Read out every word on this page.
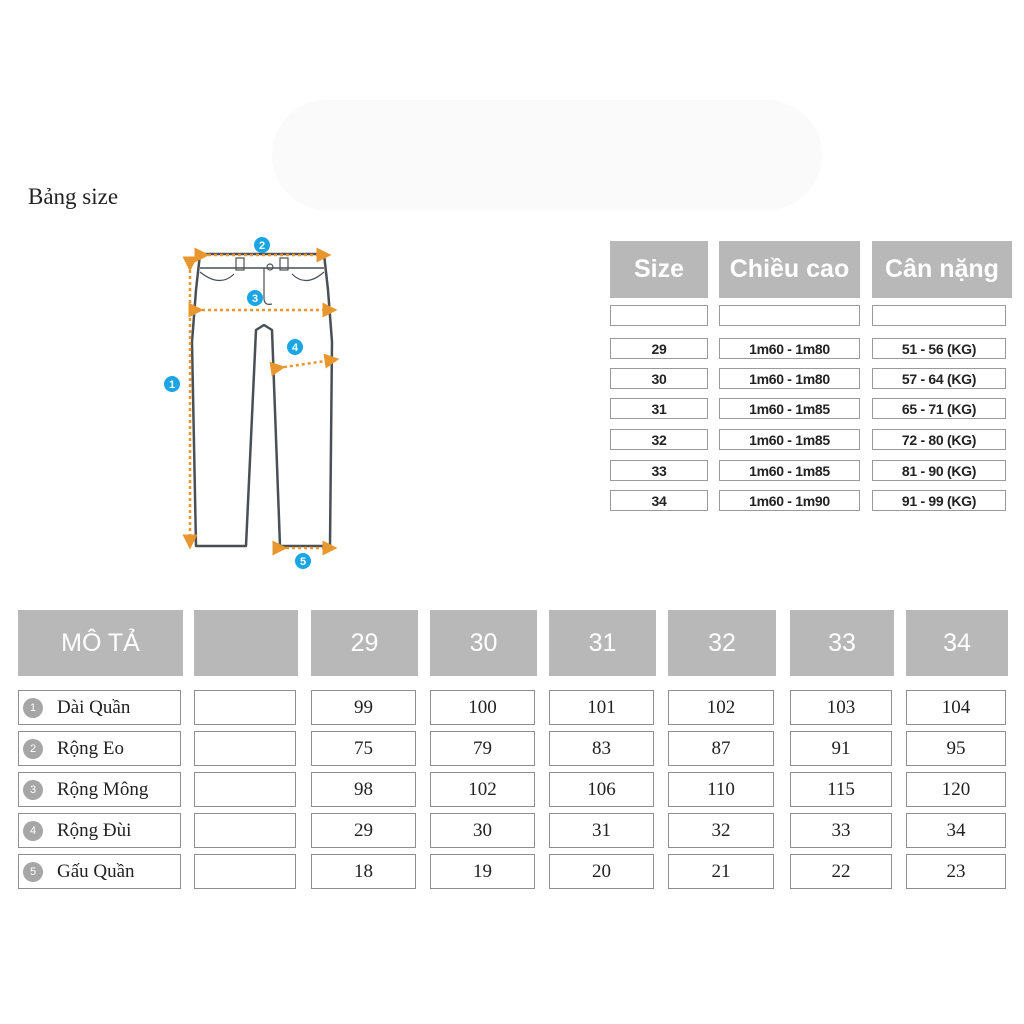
Bảng size
1
2
3
4
5
Size	Chiều cao	Cân nặng
29	1m60 - 1m80	51 - 56 (KG)
30	1m60 - 1m80	57 - 64 (KG)
31	1m60 - 1m85	65 - 71 (KG)
32	1m60 - 1m85	72 - 80 (KG)
33	1m60 - 1m85	81 - 90 (KG)
34	1m60 - 1m90	91 - 99 (KG)
MÔ TẢ	29	30	31	32	33	34
1	Dài Quần	99	100	101	102	103	104
2	Rộng Eo	75	79	83	87	91	95
3	Rộng Mông	98	102	106	110	115	120
4	Rộng Đùi	29	30	31	32	33	34
5	Gấu Quần	18	19	20	21	22	23
